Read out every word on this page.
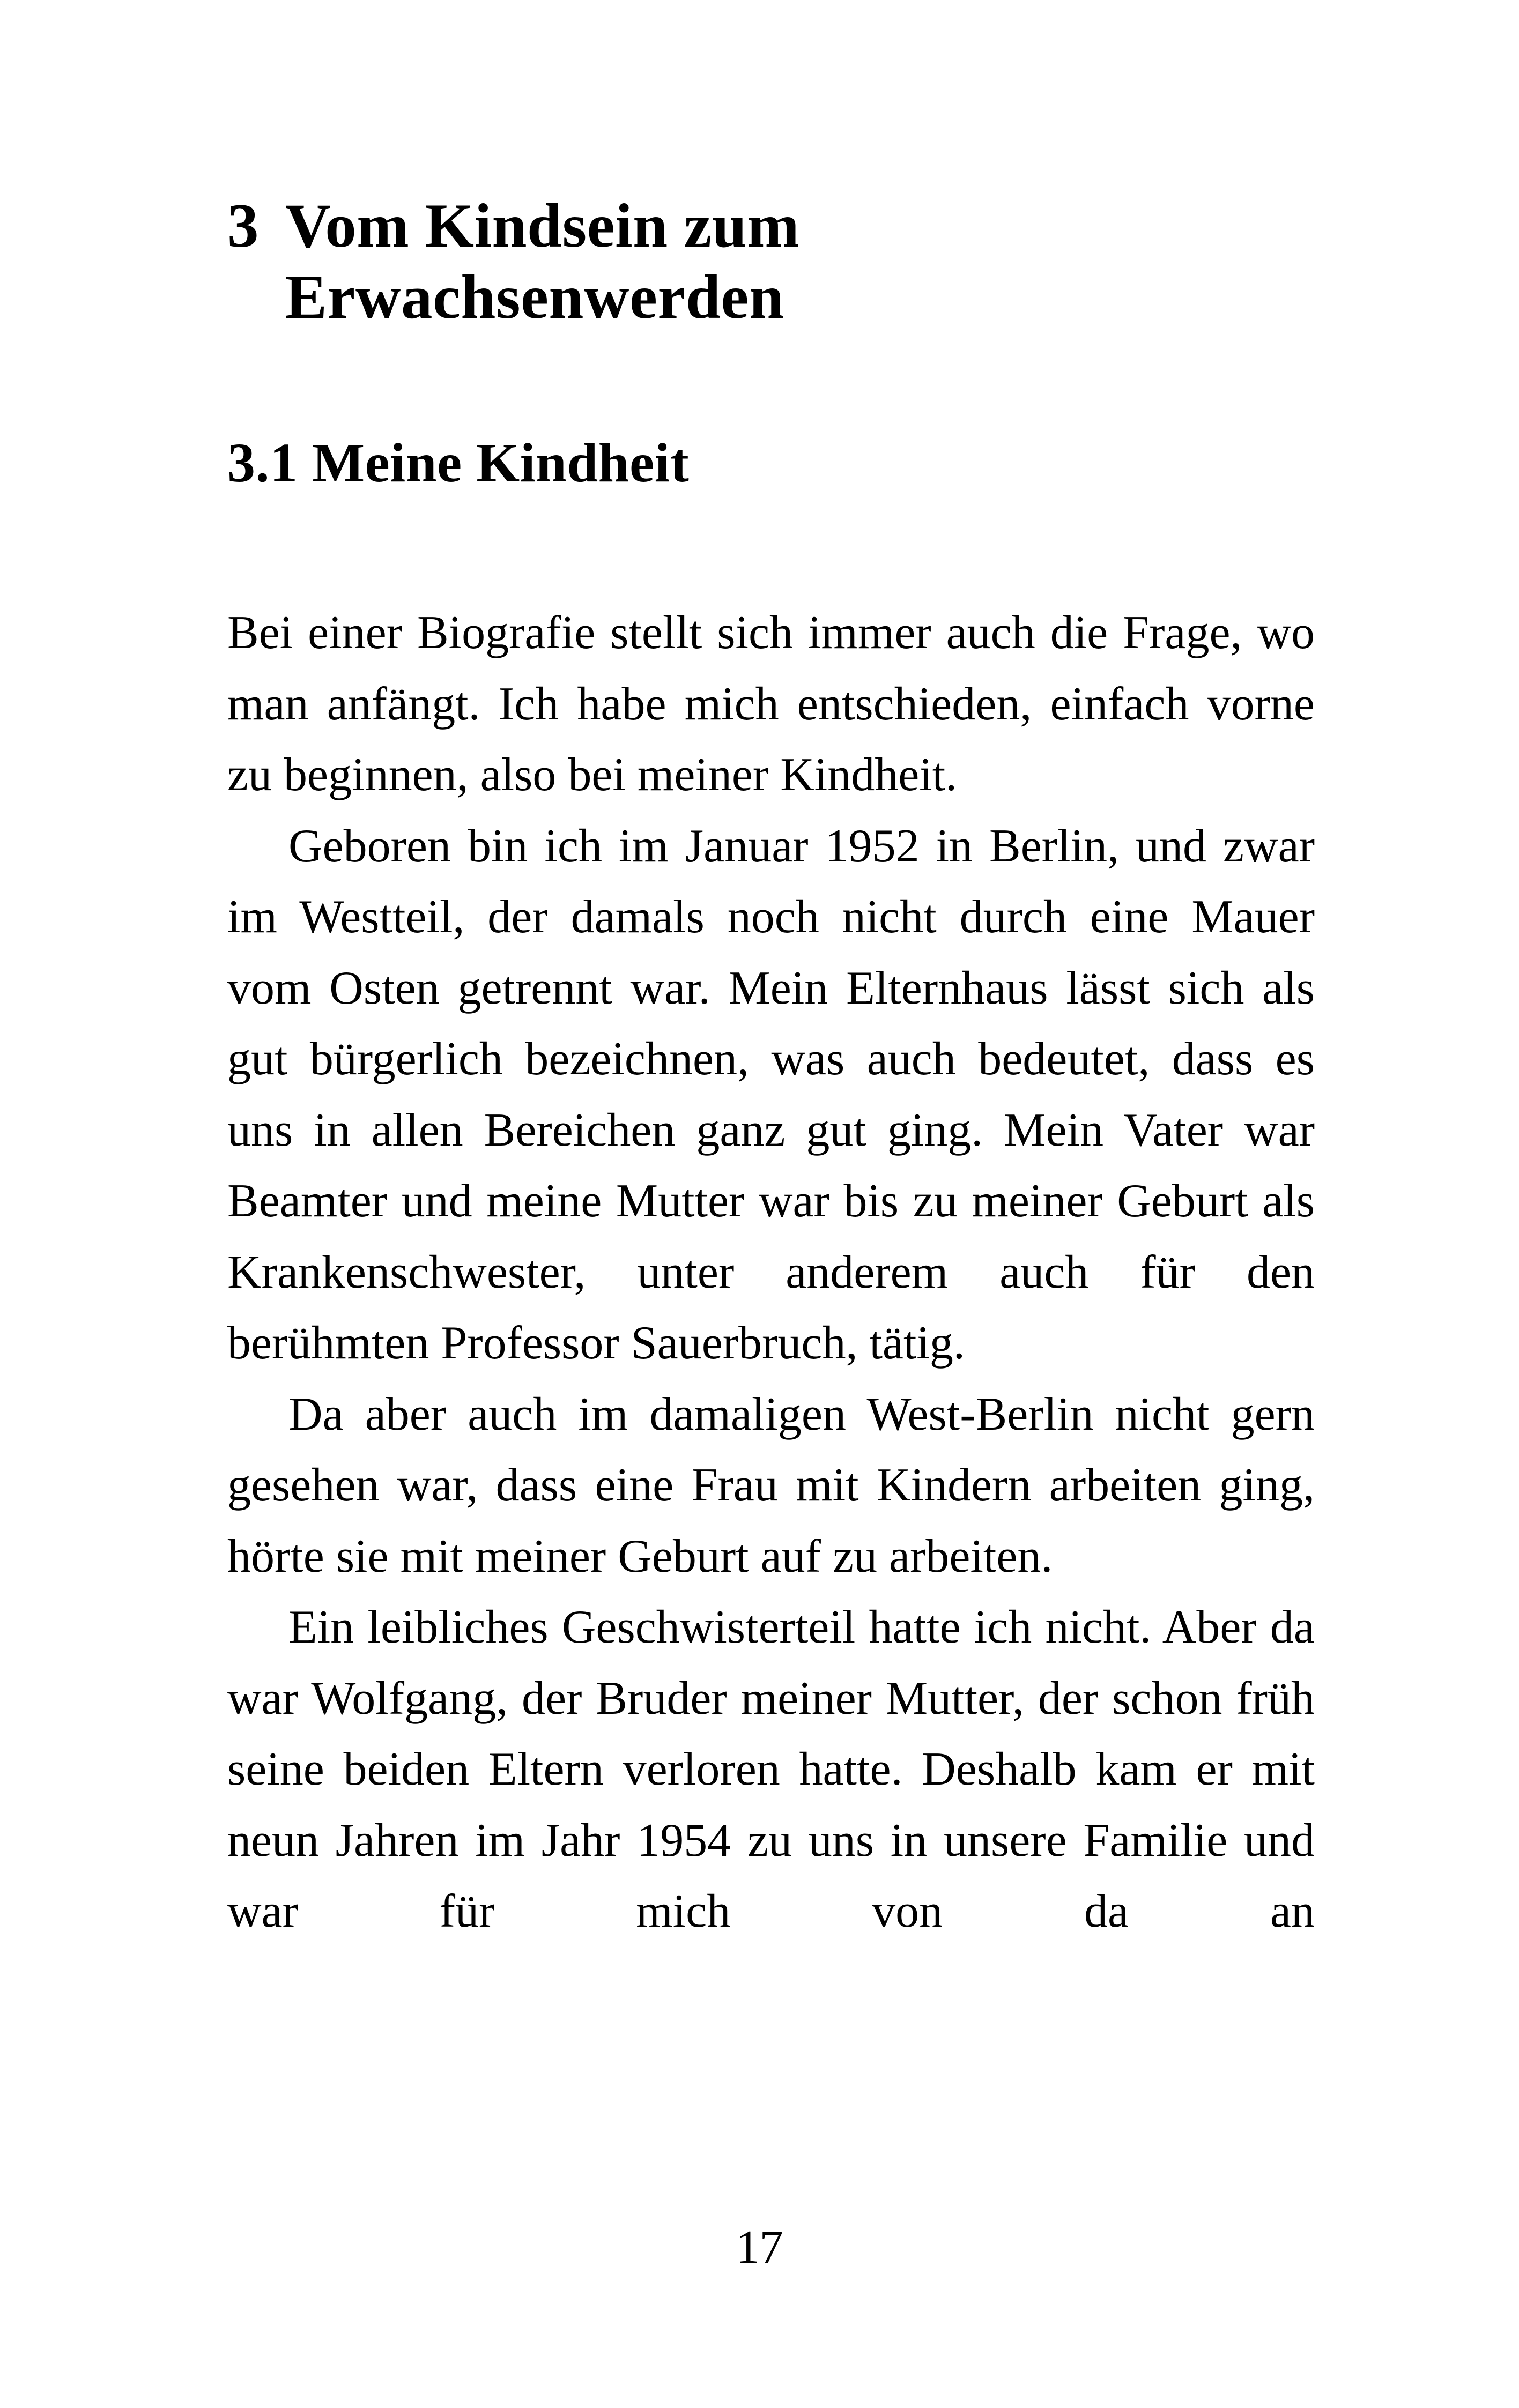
3 Vom Kindsein zum Erwachsenwerden
3.1 Meine Kindheit

Bei einer Biografie stellt sich immer auch die Frage, wo man anfängt. Ich habe mich entschieden, einfach vorne zu beginnen, also bei meiner Kindheit.

Geboren bin ich im Januar 1952 in Berlin, und zwar im Westteil, der damals noch nicht durch eine Mauer vom Osten getrennt war. Mein Elternhaus lässt sich als gut bürgerlich bezeichnen, was auch bedeutet, dass es uns in allen Bereichen ganz gut ging. Mein Vater war Beamter und meine Mutter war bis zu meiner Geburt als Krankenschwester, unter anderem auch für den berühmten Professor Sauerbruch, tätig.

Da aber auch im damaligen West-Berlin nicht gern gesehen war, dass eine Frau mit Kindern arbeiten ging, hörte sie mit meiner Geburt auf zu arbeiten.

Ein leibliches Geschwisterteil hatte ich nicht. Aber da war Wolfgang, der Bruder meiner Mutter, der schon früh seine beiden Eltern verloren hatte. Deshalb kam er mit neun Jahren im Jahr 1954 zu uns in unsere Familie und war für mich von da an

17
